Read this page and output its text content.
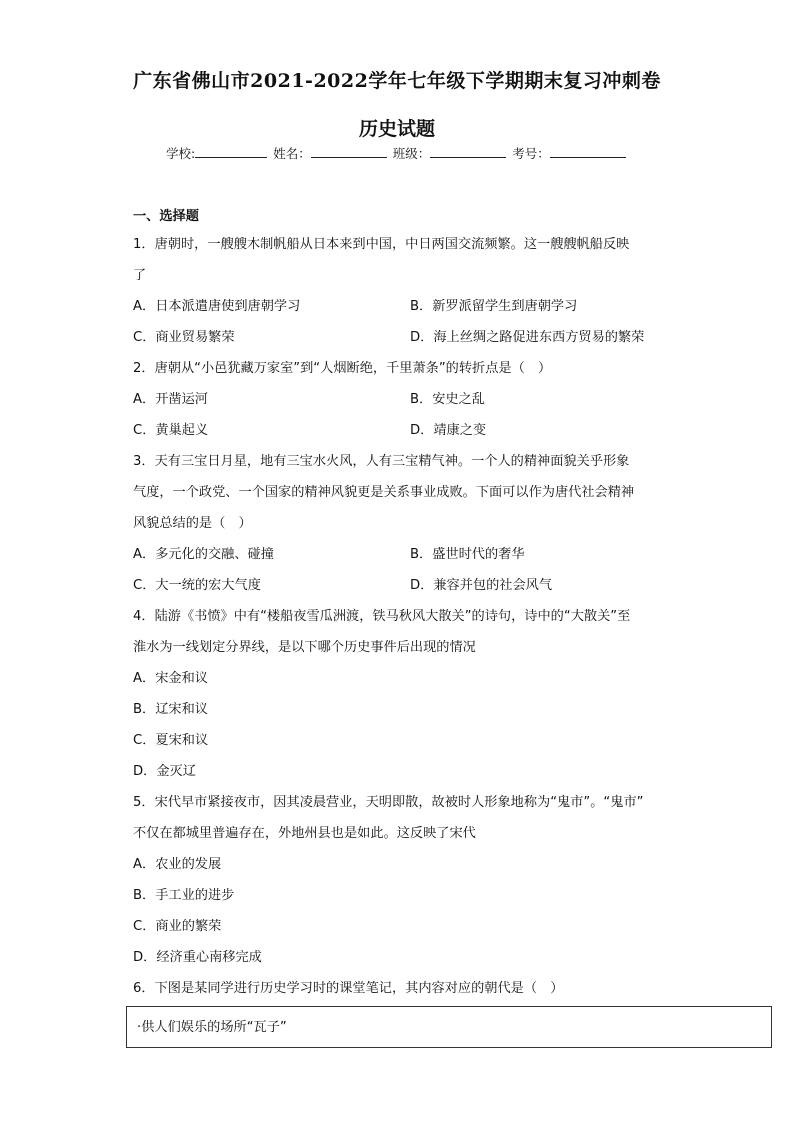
广东省佛山市2021-2022学年七年级下学期期末复习冲刺卷
历史试题
学校:	姓名：	班级：	考号：
一、选择题
1．唐朝时，一艘艘木制帆船从日本来到中国，中日两国交流频繁。这一艘艘帆船反映
了
A．日本派遣唐使到唐朝学习	B．新罗派留学生到唐朝学习
C．商业贸易繁荣	D．海上丝绸之路促进东西方贸易的繁荣
2．唐朝从“小邑犹藏万家室”到“人烟断绝，千里萧条”的转折点是（　）
A．开凿运河	B．安史之乱
C．黄巢起义	D．靖康之变
3．天有三宝日月星，地有三宝水火风，人有三宝精气神。一个人的精神面貌关乎形象
气度，一个政党、一个国家的精神风貌更是关系事业成败。下面可以作为唐代社会精神
风貌总结的是（　）
A．多元化的交融、碰撞	B．盛世时代的奢华
C．大一统的宏大气度	D．兼容并包的社会风气
4．陆游《书愤》中有“楼船夜雪瓜洲渡，铁马秋风大散关”的诗句，诗中的“大散关”至
淮水为一线划定分界线，是以下哪个历史事件后出现的情况
A．宋金和议
B．辽宋和议
C．夏宋和议
D．金灭辽
5．宋代早市紧接夜市，因其凌晨营业，天明即散，故被时人形象地称为“鬼市”。“鬼市”
不仅在都城里普遍存在，外地州县也是如此。这反映了宋代
A．农业的发展
B．手工业的进步
C．商业的繁荣
D．经济重心南移完成
6．下图是某同学进行历史学习时的课堂笔记，其内容对应的朝代是（　）
·供人们娱乐的场所“瓦子”
